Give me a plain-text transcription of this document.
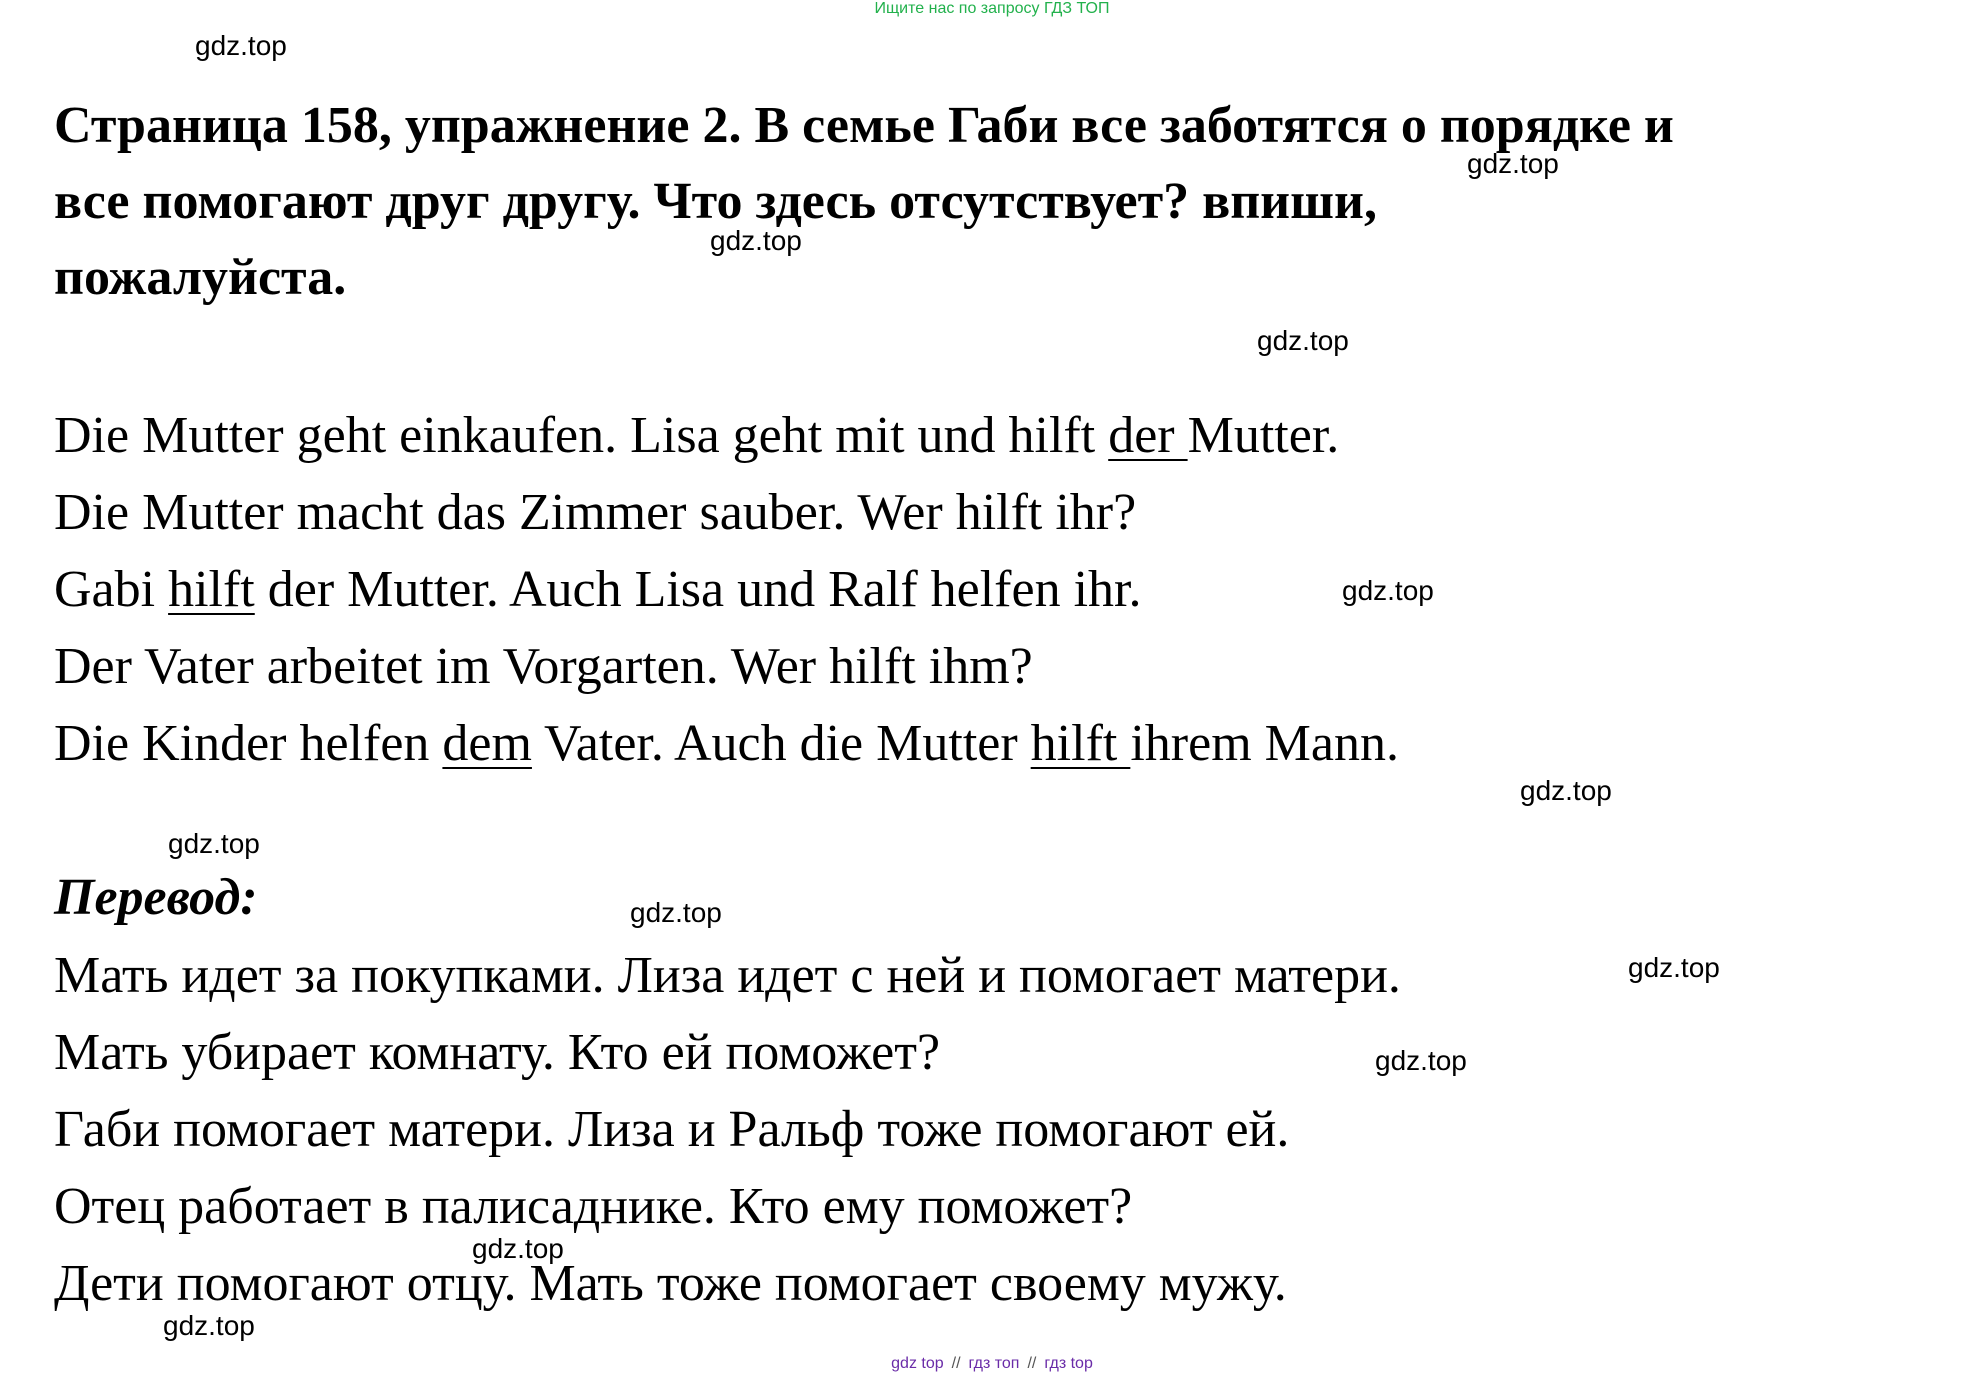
Ищите нас по запросу ГДЗ ТОП
Страница 158, упражнение 2. В семье Габи все заботятся о порядке и
все помогают друг другу. Что здесь отсутствует? впиши,
пожалуйста.

Die Mutter geht einkaufen. Lisa geht mit und hilft der Mutter.

Die Mutter macht das Zimmer sauber. Wer hilft ihr?

Gabi hilft der Mutter. Auch Lisa und Ralf helfen ihr.

Der Vater arbeitet im Vorgarten. Wer hilft ihm?

Die Kinder helfen dem Vater. Auch die Mutter hilft ihrem Mann.

Перевод:

Мать идет за покупками. Лиза идет с ней и помогает матери.

Мать убирает комнату. Кто ей поможет?

Габи помогает матери. Лиза и Ральф тоже помогают ей.

Отец работает в палисаднике. Кто ему поможет?

Дети помогают отцу. Мать тоже помогает своему мужу.

gdz.top
gdz.top
gdz.top
gdz.top
gdz.top
gdz.top
gdz.top
gdz.top
gdz.top
gdz.top
gdz.top
gdz.top
gdz top // гдз топ // гдз top
